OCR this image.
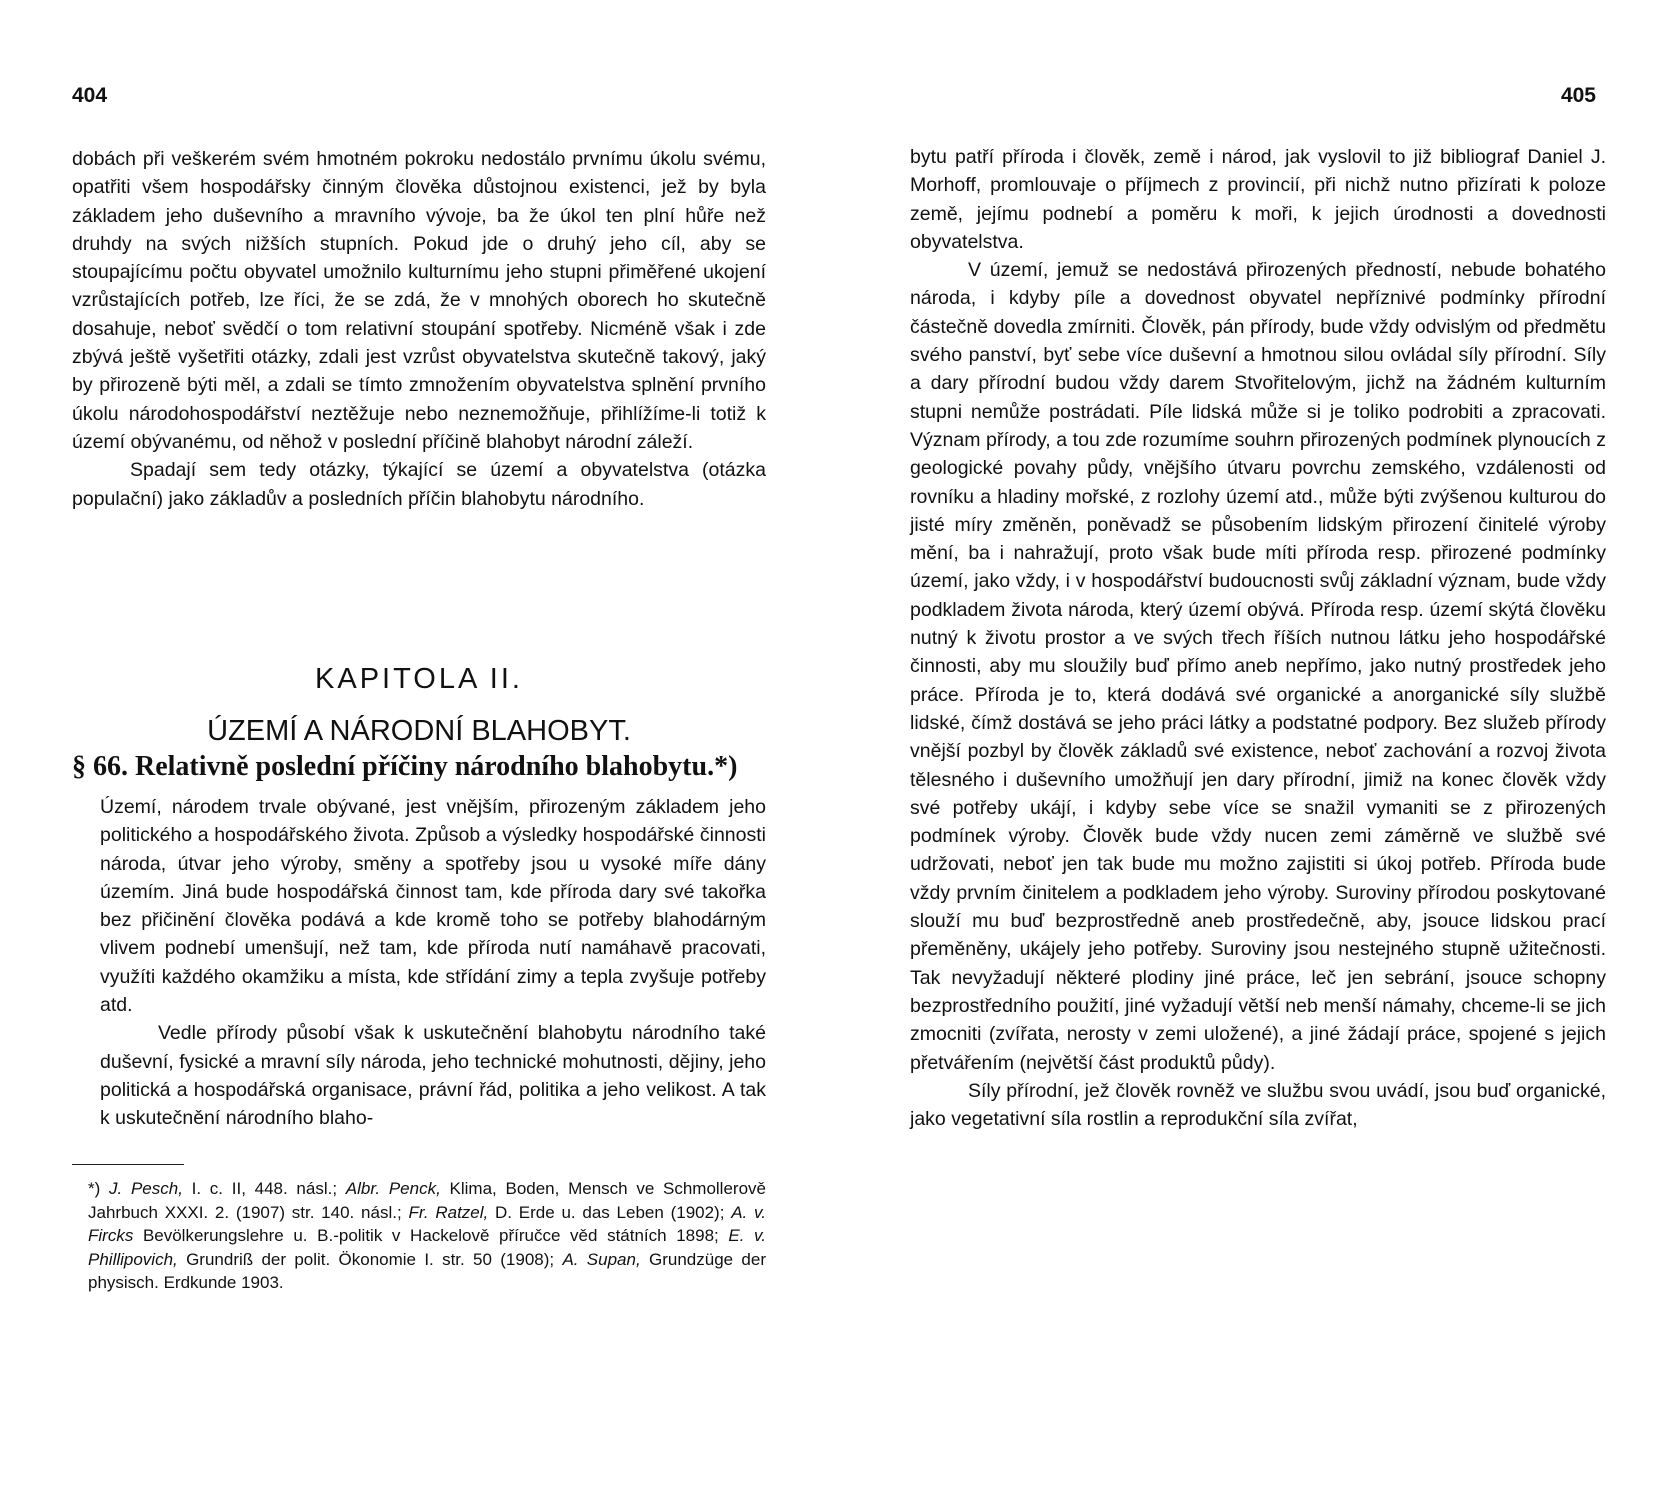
404

dobách při veškerém svém hmotném pokroku nedostálo prvnímu úkolu svému, opatřiti všem hospodářsky činným člověka důstojnou existenci, jež by byla základem jeho duševního a mravního vývoje, ba že úkol ten plní hůře než druhdy na svých nižších stupních. Pokud jde o druhý jeho cíl, aby se stoupajícímu počtu obyvatel umožnilo kulturnímu jeho stupni přiměřené ukojení vzrůstajících potřeb, lze říci, že se zdá, že v mnohých oborech ho skutečně dosahuje, neboť svědčí o tom relativní stoupání spotřeby. Nicméně však i zde zbývá ještě vyšetřiti otázky, zdali jest vzrůst obyvatelstva skutečně takový, jaký by přirozeně býti měl, a zdali se tímto zmnožením obyvatelstva splnění prvního úkolu národohospodářství neztěžuje nebo neznemožňuje, přihlížíme-li totiž k území obývanému, od něhož v poslední příčině blahobyt národní záleží.

Spadají sem tedy otázky, týkající se území a obyvatelstva (otázka populační) jako základův a posledních příčin blahobytu národního.

KAPITOLA II.
ÚZEMÍ A NÁRODNÍ BLAHOBYT.
§ 66. Relativně poslední příčiny národního blahobytu.*)

Území, národem trvale obývané, jest vnějším, přirozeným základem jeho politického a hospodářského života. Způsob a výsledky hospodářské činnosti národa, útvar jeho výroby, směny a spotřeby jsou u vysoké míře dány územím. Jiná bude hospodářská činnost tam, kde příroda dary své takořka bez přičinění člověka podává a kde kromě toho se potřeby blahodárným vlivem podnebí umenšují, než tam, kde příroda nutí namáhavě pracovati, využíti každého okamžiku a místa, kde střídání zimy a tepla zvyšuje potřeby atd.

Vedle přírody působí však k uskutečnění blahobytu národního také duševní, fysické a mravní síly národa, jeho technické mohutnosti, dějiny, jeho politická a hospodářská organisace, právní řád, politika a jeho velikost. A tak k uskutečnění národního blaho-

*) J. Pesch, I. c. II, 448. násl.; Albr. Penck, Klima, Boden, Mensch ve Schmollerově Jahrbuch XXXI. 2. (1907) str. 140. násl.; Fr. Ratzel, D. Erde u. das Leben (1902); A. v. Fircks Bevölkerungslehre u. B.-politik v Hackelově příručce věd státních 1898; E. v. Phillipovich, Grundriß der polit. Ökonomie I. str. 50 (1908); A. Supan, Grundzüge der physisch. Erdkunde 1903.
405

bytu patří příroda i člověk, země i národ, jak vyslovil to již bibliograf Daniel J. Morhoff, promlouvaje o příjmech z provincií, při nichž nutno přizírati k poloze země, jejímu podnebí a poměru k moři, k jejich úrodnosti a dovednosti obyvatelstva.

V území, jemuž se nedostává přirozených předností, nebude bohatého národa, i kdyby píle a dovednost obyvatel nepříznivé podmínky přírodní částečně dovedla zmírniti. Člověk, pán přírody, bude vždy odvislým od předmětu svého panství, byť sebe více duševní a hmotnou silou ovládal síly přírodní. Síly a dary přírodní budou vždy darem Stvořitelovým, jichž na žádném kulturním stupni nemůže postrádati. Píle lidská může si je toliko podrobiti a zpracovati. Význam přírody, a tou zde rozumíme souhrn přirozených podmínek plynoucích z geologické povahy půdy, vnějšího útvaru povrchu zemského, vzdálenosti od rovníku a hladiny mořské, z rozlohy území atd., může býti zvýšenou kulturou do jisté míry změněn, poněvadž se působením lidským přirození činitelé výroby mění, ba i nahražují, proto však bude míti příroda resp. přirozené podmínky území, jako vždy, i v hospodářství budoucnosti svůj základní význam, bude vždy podkladem života národa, který území obývá. Příroda resp. území skýtá člověku nutný k životu prostor a ve svých třech říších nutnou látku jeho hospodářské činnosti, aby mu sloužily buď přímo aneb nepřímo, jako nutný prostředek jeho práce. Příroda je to, která dodává své organické a anorganické síly službě lidské, čímž dostává se jeho práci látky a podstatné podpory. Bez služeb přírody vnější pozbyl by člověk základů své existence, neboť zachování a rozvoj života tělesného i duševního umožňují jen dary přírodní, jimiž na konec člověk vždy své potřeby ukájí, i kdyby sebe více se snažil vymaniti se z přirozených podmínek výroby. Člověk bude vždy nucen zemi záměrně ve službě své udržovati, neboť jen tak bude mu možno zajistiti si úkoj potřeb. Příroda bude vždy prvním činitelem a podkladem jeho výroby. Suroviny přírodou poskytované slouží mu buď bezprostředně aneb prostředečně, aby, jsouce lidskou prací přeměněny, ukájely jeho potřeby. Suroviny jsou nestejného stupně užitečnosti. Tak nevyžadují některé plodiny jiné práce, leč jen sebrání, jsouce schopny bezprostředního použití, jiné vyžadují větší neb menší námahy, chceme-li se jich zmocniti (zvířata, nerosty v zemi uložené), a jiné žádají práce, spojené s jejich přetvářením (největší část produktů půdy).

Síly přírodní, jež člověk rovněž ve službu svou uvádí, jsou buď organické, jako vegetativní síla rostlin a reprodukční síla zvířat,
